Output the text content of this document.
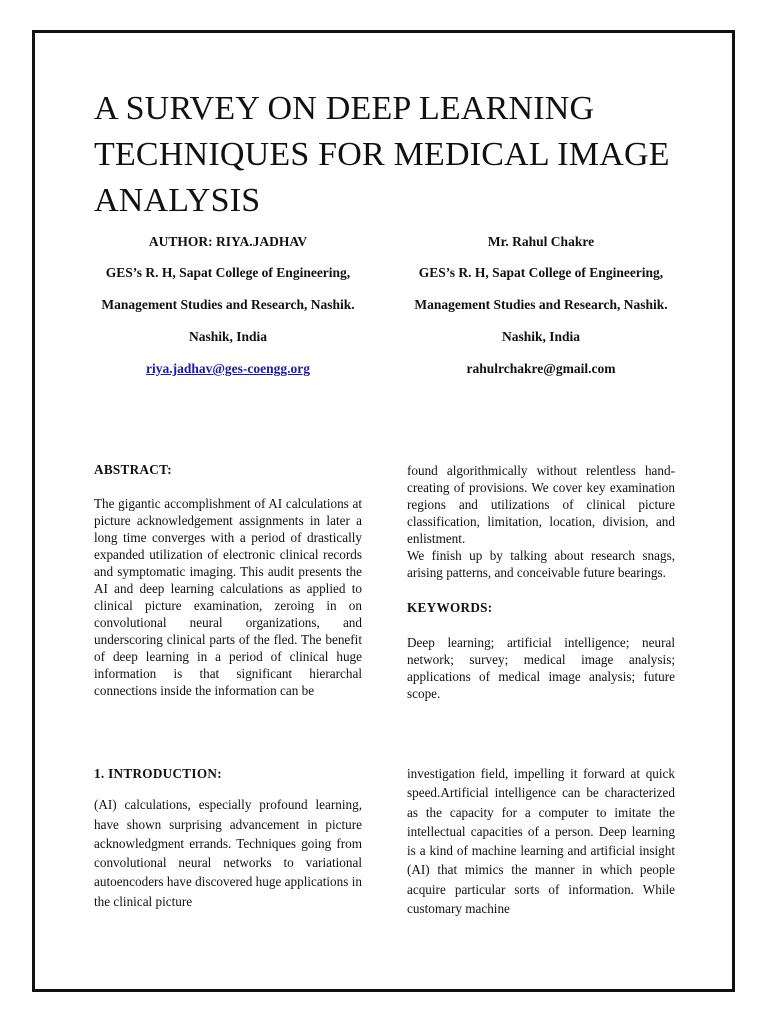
A SURVEY ON DEEP LEARNING TECHNIQUES FOR MEDICAL IMAGE ANALYSIS

AUTHOR: RIYA.JADHAV

GES’s R. H, Sapat College of Engineering,

Management Studies and Research, Nashik.

Nashik, India

riya.jadhav@ges-coengg.org

Mr. Rahul Chakre

GES’s R. H, Sapat College of Engineering,

Management Studies and Research, Nashik.

Nashik, India

rahulrchakre@gmail.com

ABSTRACT:

The gigantic accomplishment of AI calculations at picture acknowledgement assignments in later a long time converges with a period of drastically expanded utilization of electronic clinical records and symptomatic imaging. This audit presents the AI and deep learning calculations as applied to clinical picture examination, zeroing in on convolutional neural organizations, and underscoring clinical parts of the fled. The benefit of deep learning in a period of clinical huge information is that significant hierarchal connections inside the information can be

found algorithmically without relentless hand-creating of provisions. We cover key examination regions and utilizations of clinical picture classification, limitation, location, division, and enlistment.

We finish up by talking about research snags, arising patterns, and conceivable future bearings.

KEYWORDS:

Deep learning; artificial intelligence; neural network; survey; medical image analysis; applications of medical image analysis; future scope.

1. INTRODUCTION:

(AI) calculations, especially profound learning, have shown surprising advancement in picture acknowledgment errands. Techniques going from convolutional neural networks to variational autoencoders have discovered huge applications in the clinical picture

investigation field, impelling it forward at quick speed.Artificial intelligence can be characterized as the capacity for a computer to imitate the intellectual capacities of a person. Deep learning is a kind of machine learning and artificial insight (AI) that mimics the manner in which people acquire particular sorts of information. While customary machine
